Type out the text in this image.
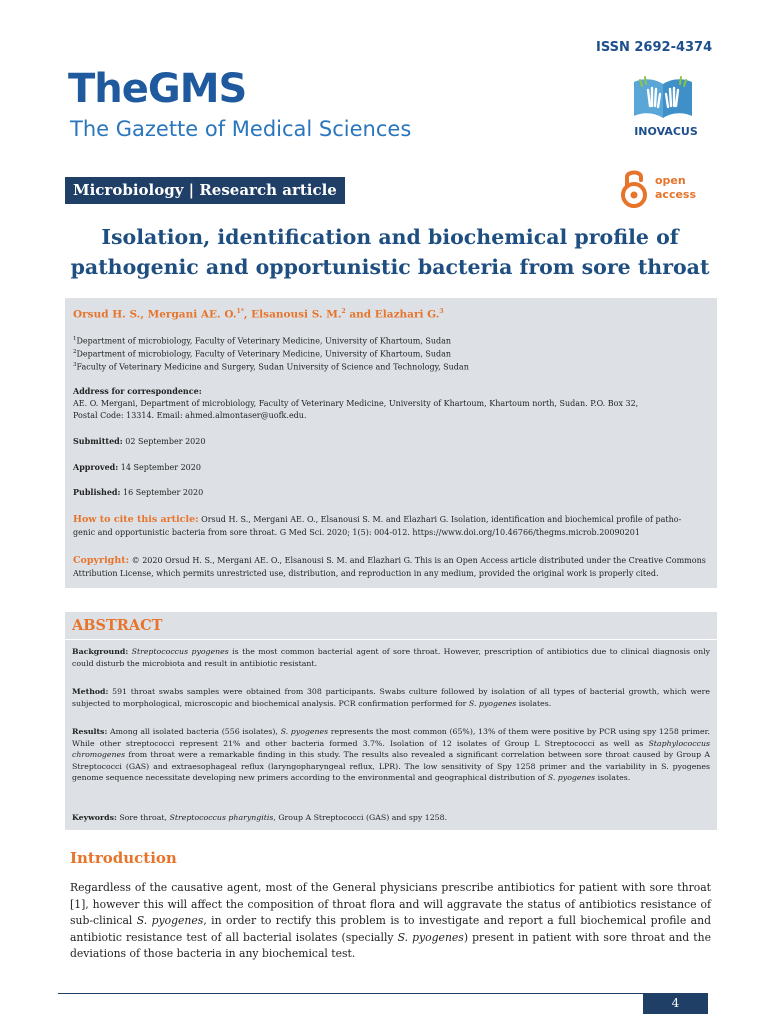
ISSN 2692-4374
TheGMS
The Gazette of Medical Sciences	INOVACUS
Microbiology | Research article
open
access
Isolation, identification and biochemical profile of
pathogenic and opportunistic bacteria from sore throat
Orsud H. S., Mergani AE. O.$^{1*}$, Elsanousi S. M.$^2$ and Elazhari G.$^3$
$^1$Department of microbiology, Faculty of Veterinary Medicine, University of Khartoum, Sudan
$^2$Department of microbiology, Faculty of Veterinary Medicine, University of Khartoum, Sudan
$^3$Faculty of Veterinary Medicine and Surgery, Sudan University of Science and Technology, Sudan
Address for correspondence:
AE. O. Mergani, Department of microbiology, Faculty of Veterinary Medicine, University of Khartoum, Khartoum north, Sudan. P.O. Box 32,
Postal Code: 13314. Email: ahmed.almontaser@uofk.edu.
Submitted: 02 September 2020
Approved: 14 September 2020
Published: 16 September 2020
How to cite this article: Orsud H. S., Mergani AE. O., Elsanousi S. M. and Elazhari G. Isolation, identification and biochemical profile of patho-
genic and opportunistic bacteria from sore throat. G Med Sci. 2020; 1(5): 004-012. https://www.doi.org/10.46766/thegms.microb.20090201
Copyright: © 2020 Orsud H. S., Mergani AE. O., Elsanousi S. M. and Elazhari G. This is an Open Access article distributed under the Creative Commons
Attribution License, which permits unrestricted use, distribution, and reproduction in any medium, provided the original work is properly cited.
ABSTRACT
Background: Streptococcus pyogenes is the most common bacterial agent of sore throat. However, prescription of antibiotics due to clinical diagnosis only could disturb the microbiota and result in antibiotic resistant.
Method: 591 throat swabs samples were obtained from 308 participants. Swabs culture followed by isolation of all types of bacterial growth, which were subjected to morphological, microscopic and biochemical analysis. PCR confirmation performed for S. pyogenes isolates.
Results: Among all isolated bacteria (556 isolates), S. pyogenes represents the most common (65%), 13% of them were positive by PCR using spy 1258 primer. While other streptococci represent 21% and other bacteria formed 3.7%. Isolation of 12 isolates of Group L Streptococci as well as Staphylococcus chromogenes from throat were a remarkable finding in this study. The results also revealed a significant correlation between sore throat caused by Group A Streptococci (GAS) and extraesophageal reflux (laryngopharyngeal reflux, LPR). The low sensitivity of Spy 1258 primer and the variability in S. pyogenes genome sequence necessitate developing new primers according to the environmental and geographical distribution of S. pyogenes isolates.
Keywords: Sore throat, Streptococcus pharyngitis, Group A Streptococci (GAS) and spy 1258.
Introduction
Regardless of the causative agent, most of the General physicians prescribe antibiotics for patient with sore throat [1], however this will affect the composition of throat flora and will aggravate the status of antibiotics resistance of sub-clinical S. pyogenes, in order to rectify this problem is to investigate and report a full biochemical profile and antibiotic resistance test of all bacterial isolates (specially S. pyogenes) present in patient with sore throat and the deviations of those bacteria in any biochemical test.
4
